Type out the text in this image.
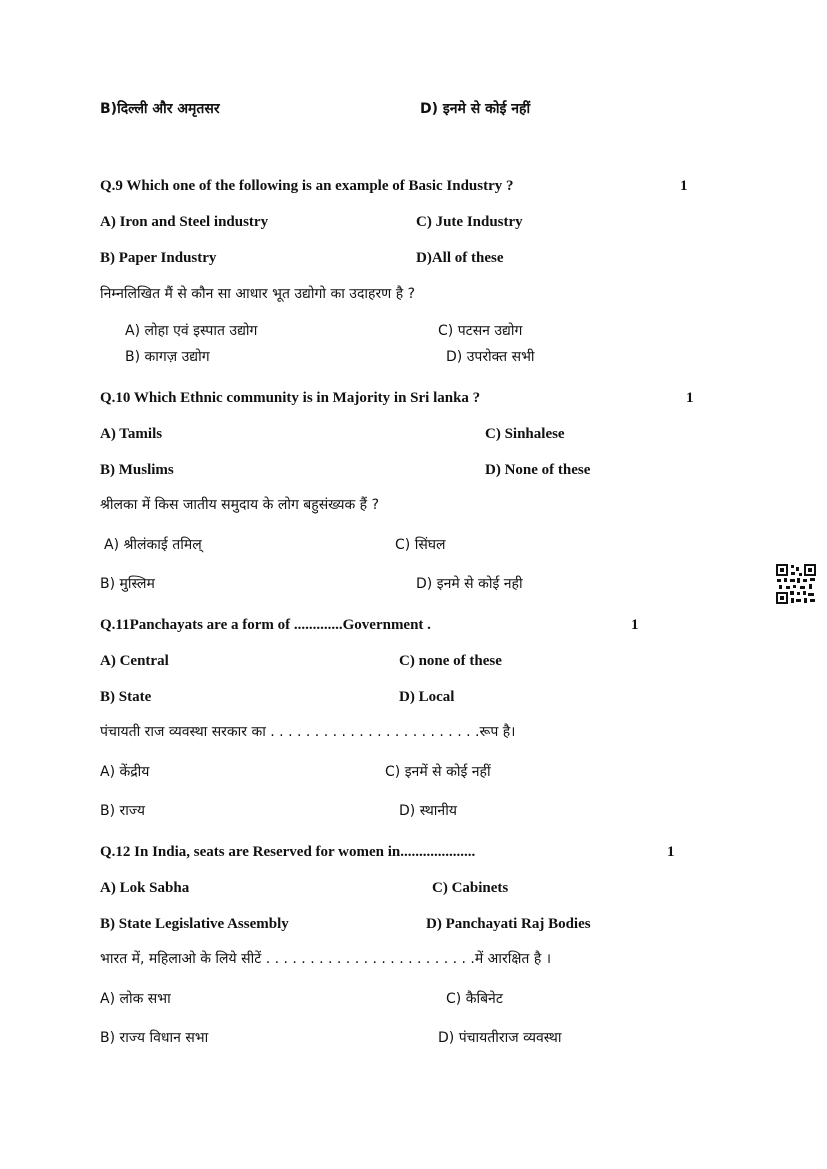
B)दिल्ली और अमृतसर	D) इनमे से कोई नहीं
Q.9 Which one of the following is an example of Basic Industry ?	1
A) Iron and Steel industry	C) Jute Industry
B) Paper Industry	D)All of these
निम्नलिखित मैं से कौन सा आधार भूत उद्योगो का उदाहरण है ?
A) लोहा एवं इस्पात उद्योग	C) पटसन उद्योग
B) कागज़ उद्योग	D) उपरोक्त सभी
Q.10 Which Ethnic community is in Majority in Sri lanka ?	1
A) Tamils	C) Sinhalese
B) Muslims	D) None of these
श्रीलका में किस जातीय समुदाय के लोग बहुसंख्यक हैं ?
A) श्रीलंकाई तमिल्	C) सिंघल
B) मुस्लिम	D) इनमे से कोई नही
Q.11Panchayats are a form of .............Government .	1
A) Central	C) none of these
B) State	D) Local
पंचायती राज व्यवस्था सरकार का . . . . . . . . . . . . . . . . . . . . . . . .रूप है।
A) केंद्रीय	C) इनमें से कोई नहीं
B) राज्य	D) स्थानीय
Q.12 In India, seats are Reserved for women in....................	1
A) Lok Sabha	C) Cabinets
B) State Legislative Assembly	D) Panchayati Raj Bodies
भारत में, महिलाओ के लिये सीटें . . . . . . . . . . . . . . . . . . . . . . . .में आरक्षित है ।
A) लोक सभा	C) कैबिनेट
B) राज्य विधान सभा	D) पंचायतीराज व्यवस्था
